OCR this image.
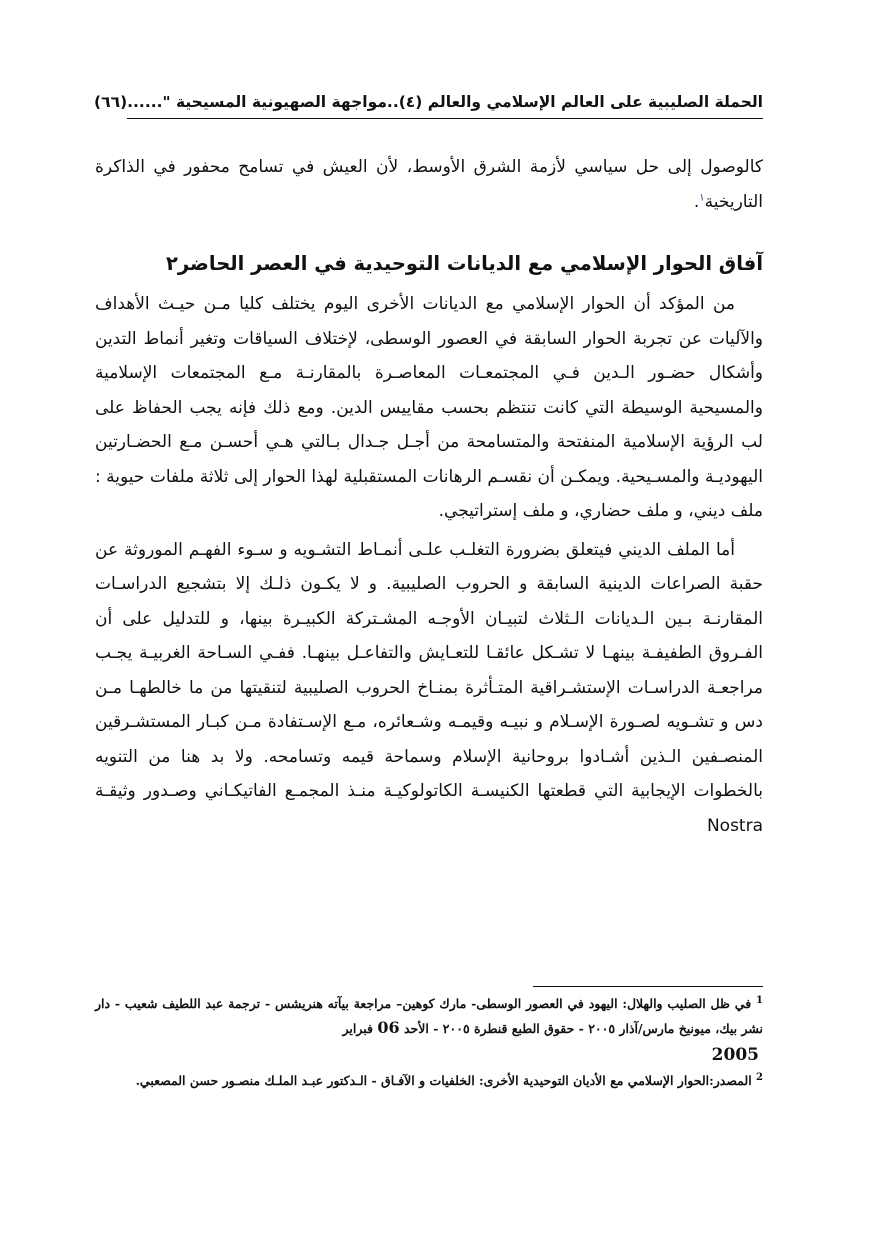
الحملة الصليبية على العالم الإسلامي والعالم (٤)..مواجهة الصهيونية المسيحية "......
(٦٦)

كالوصول إلى حل سياسي لأزمة الشرق الأوسط، لأن العيش في تسامح محفور في الذاكرة التاريخية$^١$.

آفاق الحوار الإسلامي مع الديانات التوحيدية في العصر الحاضر٢

من المؤكد أن الحوار الإسلامي مع الديانات الأخرى اليوم يختلف كليا مـن حيـث الأهداف والآليات عن تجربة الحوار السابقة في العصور الوسطى، لإختلاف السياقات وتغير أنماط التدين وأشكال حضـور الـدين فـي المجتمعـات المعاصـرة بالمقارنـة مـع المجتمعات الإسلامية والمسيحية الوسيطة التي كانت تنتظم بحسب مقاييس الدين. ومع ذلك فإنه يجب الحفاظ على لب الرؤية الإسلامية المنفتحة والمتسامحة من أجـل جـدال بـالتي هـي أحسـن مـع الحضـارتين اليهوديـة والمسـيحية. ويمكـن أن نقسـم الرهانات المستقبلية لهذا الحوار إلى ثلاثة ملفات حيوية : ملف ديني، و ملف حضاري، و ملف إستراتيجي.

أما الملف الديني فيتعلق بضرورة التغلـب علـى أنمـاط التشـويه و سـوء الفهـم الموروثة عن حقبة الصراعات الدينية السابقة و الحروب الصليبية. و لا يكـون ذلـك إلا بتشجيع الدراسـات المقارنـة بـين الـديانات الـثلاث لتبيـان الأوجـه المشـتركة الكبيـرة بينها، و للتدليل على أن الفـروق الطفيفـة بينهـا لا تشـكل عائقـا للتعـايش والتفاعـل بينهـا. ففـي السـاحة الغربيـة يجـب مراجعـة الدراسـات الإستشـراقية المتـأثرة بمنـاخ الحروب الصليبية لتنقيتها من ما خالطهـا مـن دس و تشـويه لصـورة الإسـلام و نبيـه وقيمـه وشـعائره، مـع الإسـتفادة مـن كبـار المستشـرقين المنصـفين الـذين أشـادوا بروحانية الإسلام وسماحة قيمه وتسامحه. ولا بد هنا من التنويه بالخطوات الإيجابية التي قطعتها الكنيسـة الكاتولوكيـة منـذ المجمـع الفاتيكـاني وصـدور وثيقـة Nostra

$^1$ في ظل الصليب والهلال: اليهود في العصور الوسطى- مارك كوهين– مراجعة بيآته هنريشس - ترجمة عبد اللطيف شعيب - دار نشر بيك، ميونيخ مارس/آذار ٢٠٠٥ - حقوق الطبع قنطرة ٢٠٠٥ - الأحد 06 فبراير

2005

$^2$ المصدر:الحوار الإسلامي مع الأديان التوحيدية الأخرى: الخلفيات و الآفـاق - الـدكتور عبـد الملـك منصـور حسن المصعبي.
